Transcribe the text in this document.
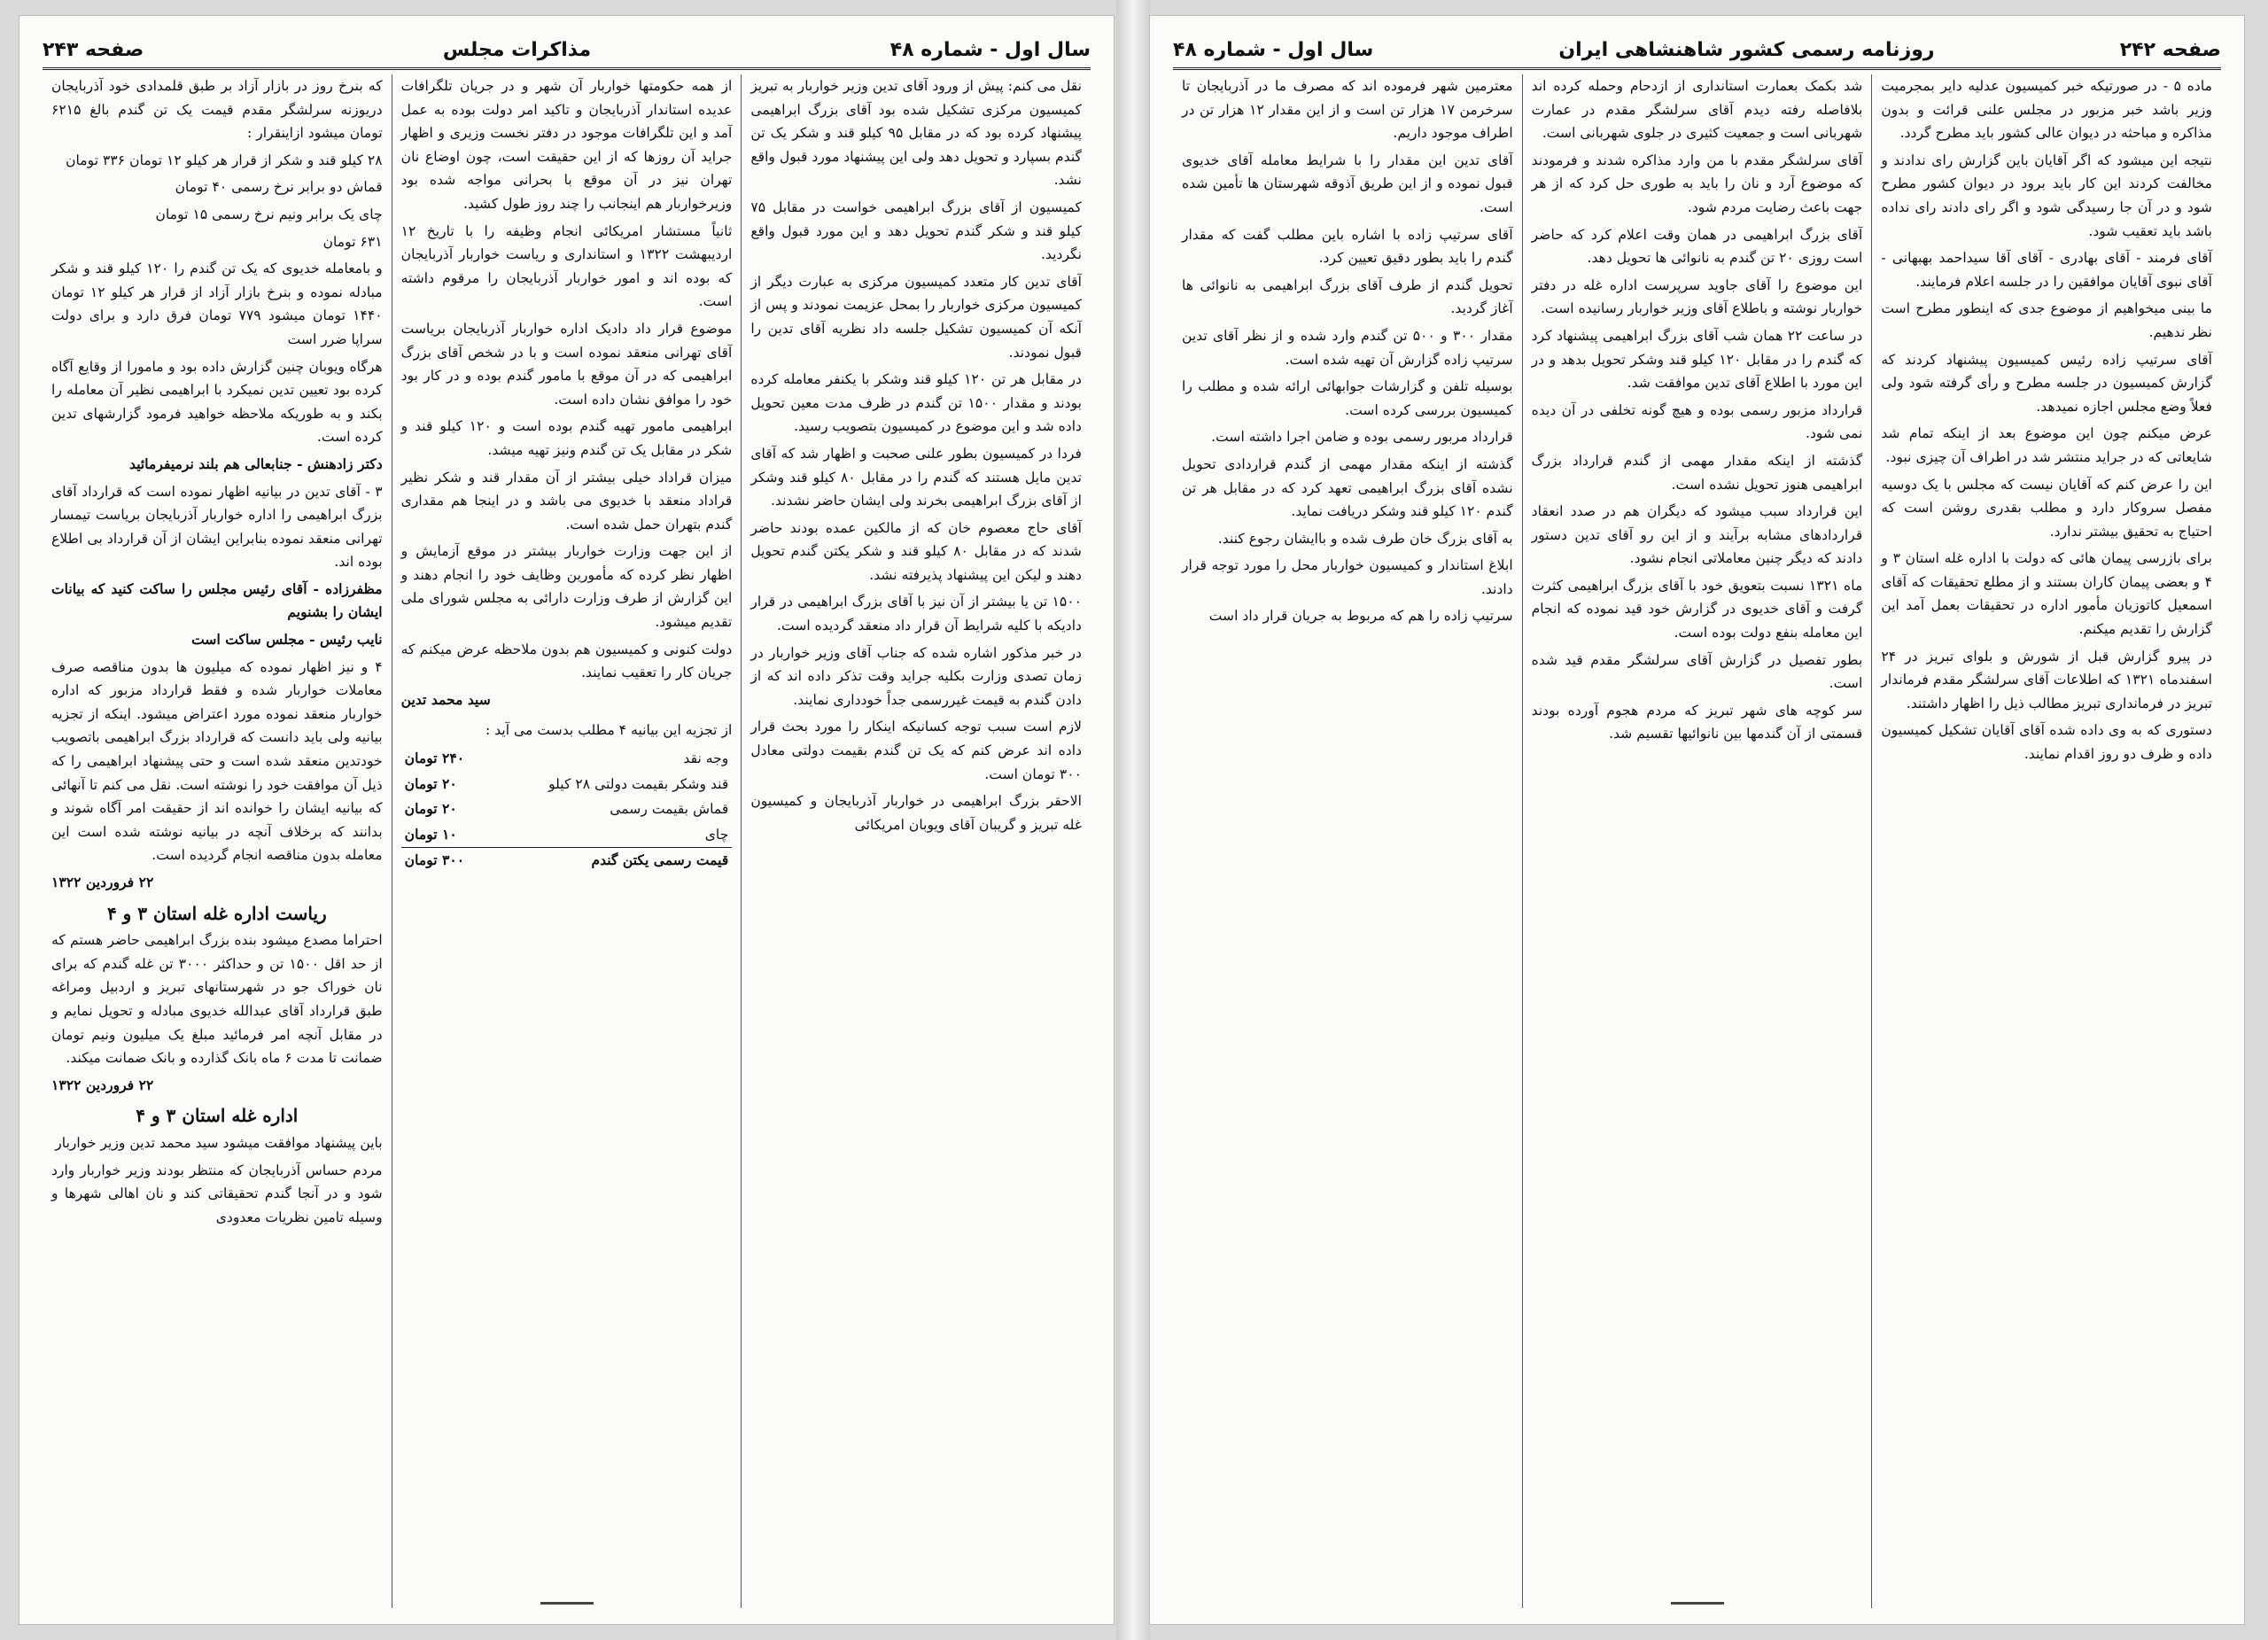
سال اول - شماره ۴۸
مذاکرات مجلس
صفحه ۲۴۳

نقل می کنم: پیش از ورود آقای تدین وزیر خواربار به تبریز کمیسیون مرکزی تشکیل شده بود آقای بزرگ ابراهیمی پیشنهاد کرده بود که در مقابل ۹۵ کیلو قند و شکر یک تن گندم بسپارد و تحویل دهد ولی این پیشنهاد مورد قبول واقع نشد.

کمیسیون از آقای بزرگ ابراهیمی خواست در مقابل ۷۵ کیلو قند و شکر گندم تحویل دهد و این مورد قبول واقع نگردید.

آقای تدین کار متعدد کمیسیون مرکزی به عبارت دیگر از کمیسیون مرکزی خواربار را بمحل عزیمت نمودند و پس از آنکه آن کمیسیون تشکیل جلسه داد نظریه آقای تدین را قبول نمودند.

در مقابل هر تن ۱۲۰ کیلو قند وشکر با یکنفر معامله کرده بودند و مقدار ۱۵۰۰ تن گندم در ظرف مدت معین تحویل داده شد و این موضوع در کمیسیون بتصویب رسید.

فردا در کمیسیون بطور علنی صحبت و اظهار شد که آقای تدین مایل هستند که گندم را در مقابل ۸۰ کیلو قند وشکر از آقای بزرگ ابراهیمی بخرند ولی ایشان حاضر نشدند.

آقای حاج معصوم خان که از مالکین عمده بودند حاضر شدند که در مقابل ۸۰ کیلو قند و شکر یکتن گندم تحویل دهند و لیکن این پیشنهاد پذیرفته نشد.

۱۵۰۰ تن یا بیشتر از آن نیز با آقای بزرگ ابراهیمی در قرار دادیکه با کلیه شرایط آن قرار داد منعقد گردیده است.

در خبر مذکور اشاره شده که جناب آقای وزیر خواربار در زمان تصدی وزارت بکلیه جراید وقت تذکر داده اند که از دادن گندم به قیمت غیررسمی جداً خودداری نمایند.

لازم است سبب توجه کسانیکه اینکار را مورد بحث قرار داده اند عرض کنم که یک تن گندم بقیمت دولتی معادل ۳۰۰ تومان است.

الاحقر بزرگ ابراهیمی در خواربار آذربایجان و کمیسیون غله تبریز و گریبان آقای ویوبان امریکائی

از همه حکومتها خواربار آن شهر و در جریان تلگرافات عدیده استاندار آذربایجان و تاکید امر دولت بوده به عمل آمد و این تلگرافات موجود در دفتر نخست وزیری و اظهار جراید آن روزها که از این حقیقت است، چون اوضاع نان تهران نیز در آن موقع با بحرانی مواجه شده بود وزیرخواربار هم اینجانب را چند روز طول کشید.

ثانیاً مستشار امریکائی انجام وظیفه را با تاریخ ۱۲ اردیبهشت ۱۳۲۲ و استانداری و ریاست خواربار آذربایجان که بوده اند و امور خواربار آذربایجان را مرقوم داشته است.

موضوع قرار داد دادیک اداره خواربار آذربایجان بریاست آقای تهرانی منعقد نموده است و با در شخص آقای بزرگ ابراهیمی که در آن موقع با مامور گندم بوده و در کار بود خود را موافق نشان داده است.

ابراهیمی مامور تهیه گندم بوده است و ۱۲۰ کیلو قند و شکر در مقابل یک تن گندم ونیز تهیه میشد.

میزان قراداد خیلی بیشتر از آن مقدار قند و شکر نظیر قراداد منعقد با خدیوی می باشد و در اینجا هم مقداری گندم بتهران حمل شده است.

از این جهت وزارت خواربار بیشتر در موقع آزمایش و اظهار نظر کرده که مأمورین وظایف خود را انجام دهند و این گزارش از طرف وزارت دارائی به مجلس شورای ملی تقدیم میشود.

دولت کنونی و کمیسیون هم بدون ملاحظه عرض میکنم که جریان کار را تعقیب نمایند.

سید محمد تدین

از تجزیه این بیانیه ۴ مطلب بدست می آید :

وجه نقد	۲۴۰ تومان
قند وشکر بقیمت دولتی ۲۸ کیلو	۲۰ تومان
قماش بقیمت رسمی	۲۰ تومان
چای	۱۰ تومان
قیمت رسمی یکتن گندم	۳۰۰ تومان

که بنرخ روز در بازار آزاد بر طبق قلمدادی خود آذربایجان دریوزنه سرلشگر مقدم قیمت یک تن گندم بالغ ۶۲۱۵ تومان میشود ازاینقرار :

۲۸ کیلو قند و شکر از قرار هر کیلو ۱۲ تومان ۳۳۶ تومان

قماش دو برابر نرخ رسمی ۴۰ تومان

چای یک برابر ونیم نرخ رسمی ۱۵ تومان

۶۳۱ تومان

و بامعامله خدیوی که یک تن گندم را ۱۲۰ کیلو قند و شکر مبادله نموده و بنرخ بازار آزاد از قرار هر کیلو ۱۲ تومان ۱۴۴۰ تومان میشود ۷۷۹ تومان فرق دارد و برای دولت سراپا ضرر است

هرگاه ویوبان چنین گزارش داده بود و مامورا از وقایع آگاه کرده بود تعیین تدین نمیکرد با ابراهیمی نظیر آن معامله را بکند و به طوریکه ملاحظه خواهید فرمود گزارشهای تدین کرده است.

دکتر زادهنش - جنابعالی هم بلند نرمیفرمائید

۳ - آقای تدین در بیانیه اظهار نموده است که قرارداد آقای بزرگ ابراهیمی را اداره خواربار آذربایجان بریاست تیمسار تهرانی منعقد نموده بنابراین ایشان از آن قرارداد بی اطلاع بوده اند.

مظفرزاده - آقای رئیس مجلس را ساکت کنید که بیانات ایشان را بشنویم

نایب رئیس - مجلس ساکت است

۴ و نیز اظهار نموده که میلیون ها بدون مناقصه صرف معاملات خواربار شده و فقط قرارداد مزبور که اداره خواربار منعقد نموده مورد اعتراض میشود. اینکه از تجزیه بیانیه ولی باید دانست که قرارداد بزرگ ابراهیمی باتصویب خودتدین منعقد شده است و حتی پیشنهاد ابراهیمی را که ذیل آن موافقت خود را نوشته است. نقل می کنم تا آنهائی که بیانیه ایشان را خوانده اند از حقیقت امر آگاه شوند و بدانند که برخلاف آنچه در بیانیه نوشته شده است این معامله بدون مناقصه انجام گردیده است.

۲۲ فروردین ۱۳۲۲

ریاست اداره غله استان ۳ و ۴

احتراما مصدع میشود بنده بزرگ ابراهیمی حاضر هستم که از حد اقل ۱۵۰۰ تن و حداکثر ۳۰۰۰ تن غله گندم که برای نان خوراک جو در شهرستانهای تبریز و اردبیل ومراغه طبق قرارداد آقای عبدالله خدیوی مبادله و تحویل نمایم و در مقابل آنچه امر فرمائید مبلغ یک میلیون ونیم تومان ضمانت تا مدت ۶ ماه بانک گذارده و بانک ضمانت میکند.

۲۲ فروردین ۱۳۲۲

اداره غله استان ۳ و ۴

باین پیشنهاد موافقت میشود سید محمد تدین وزیر خواربار

مردم حساس آذربایجان که منتظر بودند وزیر خواربار وارد شود و در آنجا گندم تحقیقاتی کند و نان اهالی شهرها و وسیله تامین نظریات معدودی

صفحه ۲۴۲
روزنامه رسمی کشور شاهنشاهی ایران
سال اول - شماره ۴۸

ماده ۵ - در صورتیکه خبر کمیسیون عدلیه دایر بمجرمیت وزیر باشد خبر مزبور در مجلس علنی قرائت و بدون مذاکره و مباحثه در دیوان عالی کشور باید مطرح گردد.

نتیجه این میشود که اگر آقایان باین گزارش رای ندادند و مخالفت کردند این کار باید برود در دیوان کشور مطرح شود و در آن جا رسیدگی شود و اگر رای دادند رای نداده باشد باید تعقیب شود.

آقای فرمند - آقای بهادری - آقای آقا سیداحمد بهبهانی - آقای نبوی آقایان موافقین را در جلسه اعلام فرمایند.

ما بینی میخواهیم از موضوع جدی که اینطور مطرح است نظر ندهیم.

آقای سرتیپ زاده رئیس کمیسیون پیشنهاد کردند که گزارش کمیسیون در جلسه مطرح و رأی گرفته شود ولی فعلاً وضع مجلس اجازه نمیدهد.

عرض میکنم چون این موضوع بعد از اینکه تمام شد شایعاتی که در جراید منتشر شد در اطراف آن چیزی نبود.

این را عرض کنم که آقایان نیست که مجلس با یک دوسیه مفصل سروکار دارد و مطلب بقدری روشن است که احتیاج به تحقیق بیشتر ندارد.

برای بازرسی پیمان هائی که دولت با اداره غله استان ۳ و ۴ و بعضی پیمان کاران بستند و از مطلع تحقیقات که آقای اسمعیل کاتوزیان مأمور اداره در تحقیقات بعمل آمد این گزارش را تقدیم میکنم.

در پیرو گزارش قبل از شورش و بلوای تبریز در ۲۴ اسفندماه ۱۳۲۱ که اطلاعات آقای سرلشگر مقدم فرماندار تبریز در فرمانداری تبریز مطالب ذیل را اظهار داشتند.

دستوری که به وی داده شده آقای آقایان تشکیل کمیسیون داده و ظرف دو روز اقدام نمایند.

شد بکمک بعمارت استانداری از ازدحام وحمله کرده اند بلافاصله رفته دیدم آقای سرلشگر مقدم در عمارت شهربانی است و جمعیت کثیری در جلوی شهربانی است.

آقای سرلشگر مقدم با من وارد مذاکره شدند و فرمودند که موضوع آرد و نان را باید به طوری حل کرد که از هر جهت باعث رضایت مردم شود.

آقای بزرگ ابراهیمی در همان وقت اعلام کرد که حاضر است روزی ۲۰ تن گندم به نانوائی ها تحویل دهد.

این موضوع را آقای جاوید سرپرست اداره غله در دفتر خواربار نوشته و باطلاع آقای وزیر خواربار رسانیده است.

در ساعت ۲۲ همان شب آقای بزرگ ابراهیمی پیشنهاد کرد که گندم را در مقابل ۱۲۰ کیلو قند وشکر تحویل بدهد و در این مورد با اطلاع آقای تدین موافقت شد.

قرارداد مزبور رسمی بوده و هیچ گونه تخلفی در آن دیده نمی شود.

گذشته از اینکه مقدار مهمی از گندم قرارداد بزرگ ابراهیمی هنوز تحویل نشده است.

این قرارداد سبب میشود که دیگران هم در صدد انعقاد قراردادهای مشابه برآیند و از این رو آقای تدین دستور دادند که دیگر چنین معاملاتی انجام نشود.

ماه ۱۳۲۱ نسبت بتعویق خود با آقای بزرگ ابراهیمی کثرت گرفت و آقای خدیوی در گزارش خود قید نموده که انجام این معامله بنفع دولت بوده است.

بطور تفصیل در گزارش آقای سرلشگر مقدم قید شده است.

سر کوچه های شهر تبریز که مردم هجوم آورده بودند قسمتی از آن گندمها بین نانوائیها تقسیم شد.

معترمین شهر فرموده اند که مصرف ما در آذربایجان تا سرخرمن ۱۷ هزار تن است و از این مقدار ۱۲ هزار تن در اطراف موجود داریم.

آقای تدین این مقدار را با شرایط معامله آقای خدیوی قبول نموده و از این طریق آذوقه شهرستان ها تأمین شده است.

آقای سرتیپ زاده با اشاره باین مطلب گفت که مقدار گندم را باید بطور دقیق تعیین کرد.

تحویل گندم از طرف آقای بزرگ ابراهیمی به نانوائی ها آغاز گردید.

مقدار ۳۰۰ و ۵۰۰ تن گندم وارد شده و از نظر آقای تدین سرتیپ زاده گزارش آن تهیه شده است.

بوسیله تلفن و گزارشات جوابهائی ارائه شده و مطلب را کمیسیون بررسی کرده است.

قرارداد مربور رسمی بوده و ضامن اجرا داشته است.

گذشته از اینکه مقدار مهمی از گندم قراردادی تحویل نشده آقای بزرگ ابراهیمی تعهد کرد که در مقابل هر تن گندم ۱۲۰ کیلو قند وشکر دریافت نماید.

به آقای بزرگ خان طرف شده و باایشان رجوع کنند.

ابلاغ استاندار و کمیسیون خواربار محل را مورد توجه قرار دادند.

سرتیپ زاده را هم که مربوط به جریان قرار داد است
